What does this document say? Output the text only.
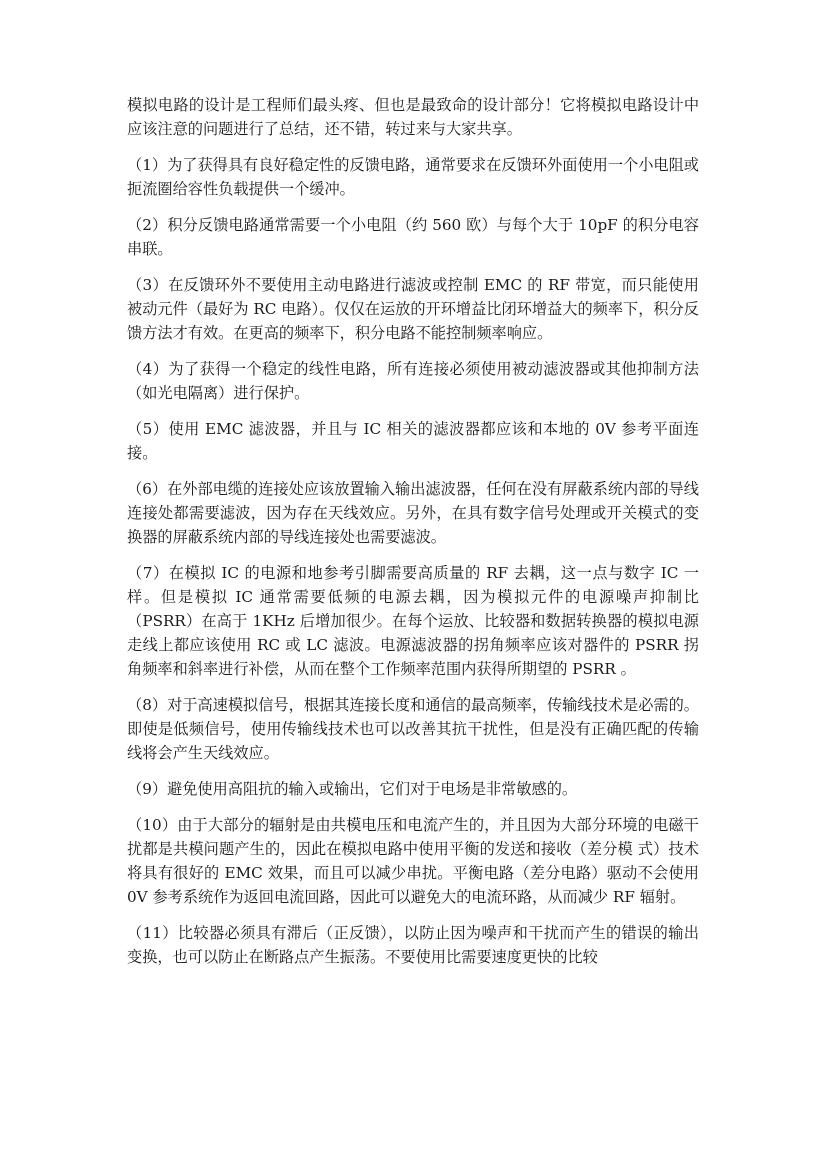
模拟电路的设计是工程师们最头疼、但也是最致命的设计部分！它将模拟电路设计中应该注意的问题进行了总结，还不错，转过来与大家共享。

（1）为了获得具有良好稳定性的反馈电路，通常要求在反馈环外面使用一个小电阻或扼流圈给容性负载提供一个缓冲。

（2）积分反馈电路通常需要一个小电阻（约 560 欧）与每个大于 10pF 的积分电容串联。

（3）在反馈环外不要使用主动电路进行滤波或控制 EMC 的 RF 带宽，而只能使用被动元件（最好为 RC 电路）。仅仅在运放的开环增益比闭环增益大的频率下，积分反馈方法才有效。在更高的频率下，积分电路不能控制频率响应。

（4）为了获得一个稳定的线性电路，所有连接必须使用被动滤波器或其他抑制方法（如光电隔离）进行保护。

（5）使用 EMC 滤波器，并且与 IC 相关的滤波器都应该和本地的 0V 参考平面连接。

（6）在外部电缆的连接处应该放置输入输出滤波器，任何在没有屏蔽系统内部的导线连接处都需要滤波，因为存在天线效应。另外，在具有数字信号处理或开关模式的变换器的屏蔽系统内部的导线连接处也需要滤波。

（7）在模拟 IC 的电源和地参考引脚需要高质量的 RF 去耦，这一点与数字 IC 一样。但是模拟 IC 通常需要低频的电源去耦，因为模拟元件的电源噪声抑制比（PSRR）在高于 1KHz 后增加很少。在每个运放、比较器和数据转换器的模拟电源走线上都应该使用 RC 或 LC 滤波。电源滤波器的拐角频率应该对器件的 PSRR 拐角频率和斜率进行补偿，从而在整个工作频率范围内获得所期望的 PSRR 。

（8）对于高速模拟信号，根据其连接长度和通信的最高频率，传输线技术是必需的。即使是低频信号，使用传输线技术也可以改善其抗干扰性，但是没有正确匹配的传输线将会产生天线效应。

（9）避免使用高阻抗的输入或输出，它们对于电场是非常敏感的。

（10）由于大部分的辐射是由共模电压和电流产生的，并且因为大部分环境的电磁干扰都是共模问题产生的，因此在模拟电路中使用平衡的发送和接收（差分模 式）技术将具有很好的 EMC 效果，而且可以减少串扰。平衡电路（差分电路）驱动不会使用 0V 参考系统作为返回电流回路，因此可以避免大的电流环路，从而减少 RF 辐射。

（11）比较器必须具有滞后（正反馈），以防止因为噪声和干扰而产生的错误的输出变换，也可以防止在断路点产生振荡。不要使用比需要速度更快的比较
